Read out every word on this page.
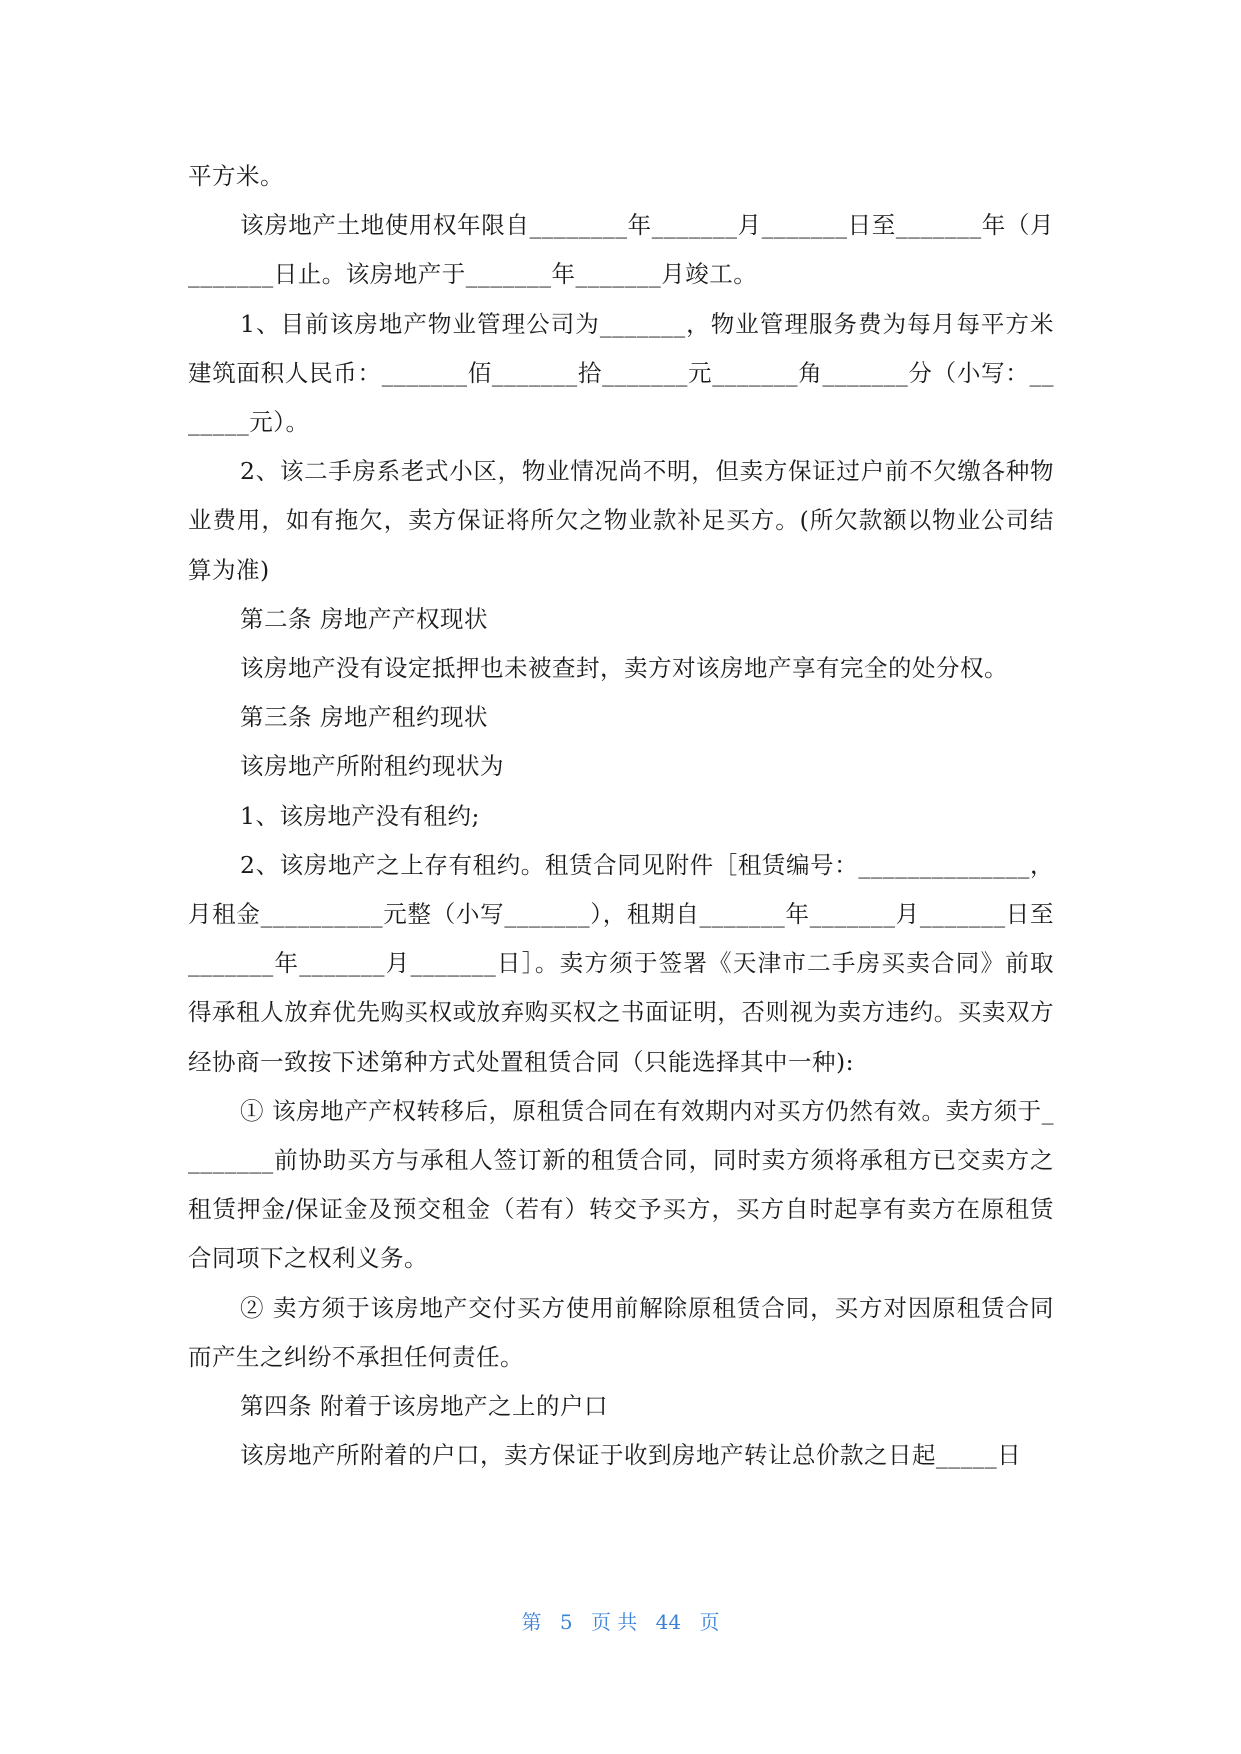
平方米。

该房地产土地使用权年限自________年_______月_______日至_______年（月_______日止。该房地产于_______年_______月竣工。

1、目前该房地产物业管理公司为_______，物业管理服务费为每月每平方米建筑面积人民币：_______佰_______拾_______元_______角_______分（小写：_______元）。

2、该二手房系老式小区，物业情况尚不明，但卖方保证过户前不欠缴各种物业费用，如有拖欠，卖方保证将所欠之物业款补足买方。(所欠款额以物业公司结算为准)

第二条 房地产产权现状

该房地产没有设定抵押也未被查封，卖方对该房地产享有完全的处分权。

第三条 房地产租约现状

该房地产所附租约现状为

1、该房地产没有租约;

2、该房地产之上存有租约。租赁合同见附件［租赁编号：______________，月租金__________元整（小写_______），租期自_______年_______月_______日至_______年_______月_______日］。卖方须于签署《天津市二手房买卖合同》前取得承租人放弃优先购买权或放弃购买权之书面证明，否则视为卖方违约。买卖双方经协商一致按下述第种方式处置租赁合同（只能选择其中一种):

① 该房地产产权转移后，原租赁合同在有效期内对买方仍然有效。卖方须于________前协助买方与承租人签订新的租赁合同，同时卖方须将承租方已交卖方之租赁押金/保证金及预交租金（若有）转交予买方，买方自时起享有卖方在原租赁合同项下之权利义务。

② 卖方须于该房地产交付买方使用前解除原租赁合同，买方对因原租赁合同而产生之纠纷不承担任何责任。

第四条 附着于该房地产之上的户口

该房地产所附着的户口，卖方保证于收到房地产转让总价款之日起_____日

第 5 页 共 44 页
